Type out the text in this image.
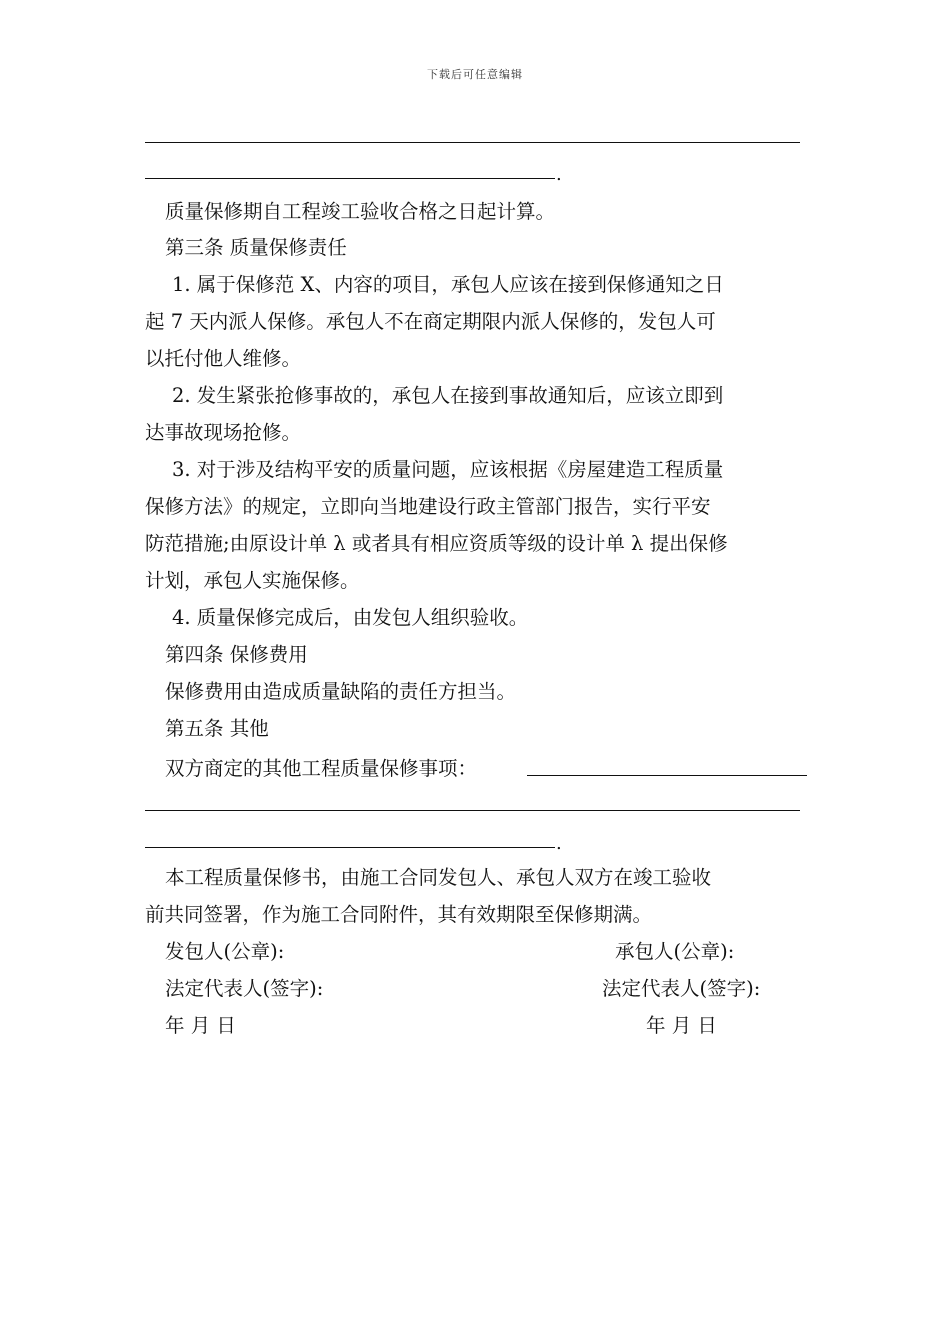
下载后可任意编辑
.
质量保修期自工程竣工验收合格之日起计算。
第三条 质量保修责任
1. 属于保修范 X、内容的项目，承包人应该在接到保修通知之日
起 7 天内派人保修。承包人不在商定期限内派人保修的，发包人可
以托付他人维修。
2. 发生紧张抢修事故的，承包人在接到事故通知后，应该立即到
达事故现场抢修。
3. 对于涉及结构平安的质量问题，应该根据《房屋建造工程质量
保修方法》的规定，立即向当地建设行政主管部门报告，实行平安
防范措施;由原设计单 λ 或者具有相应资质等级的设计单 λ 提出保修
计划，承包人实施保修。
4. 质量保修完成后，由发包人组织验收。
第四条 保修费用
保修费用由造成质量缺陷的责任方担当。
第五条 其他
双方商定的其他工程质量保修事项：
.
本工程质量保修书，由施工合同发包人、承包人双方在竣工验收
前共同签署，作为施工合同附件，其有效期限至保修期满。
发包人(公章):	承包人(公章):
法定代表人(签字):	法定代表人(签字):
年 月 日	年 月 日
